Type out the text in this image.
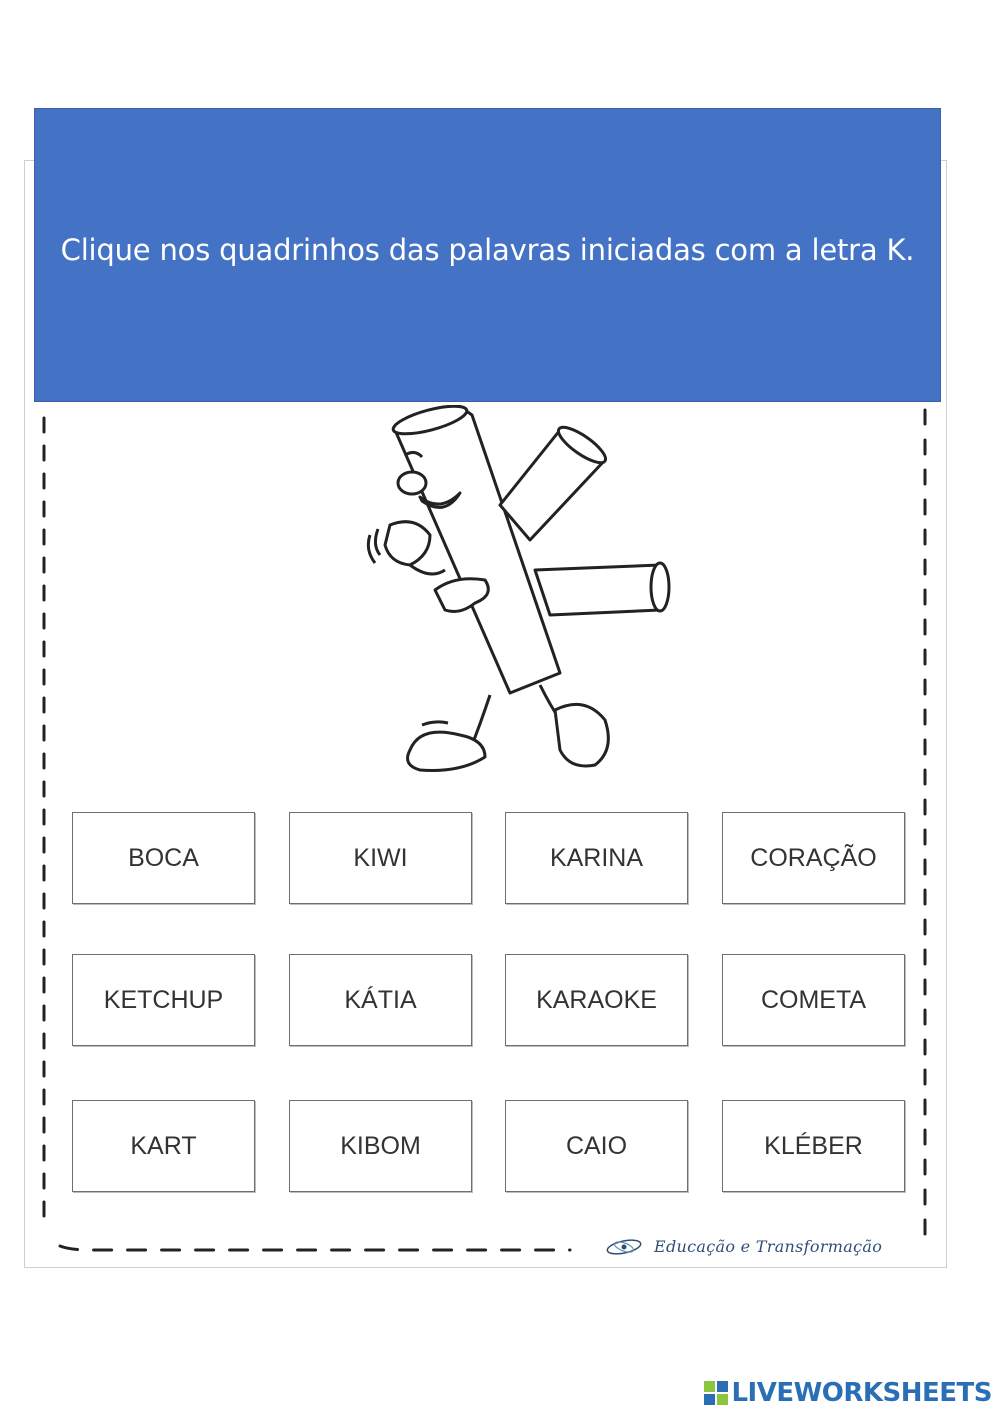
Clique nos quadrinhos das palavras iniciadas com a letra K.
BOCA	KIWI	KARINA	CORAÇÃO
KETCHUP	KÁTIA	KARAOKE	COMETA
KART	KIBOM	CAIO	KLÉBER
Educação e Transformação
LIVEWORKSHEETS
